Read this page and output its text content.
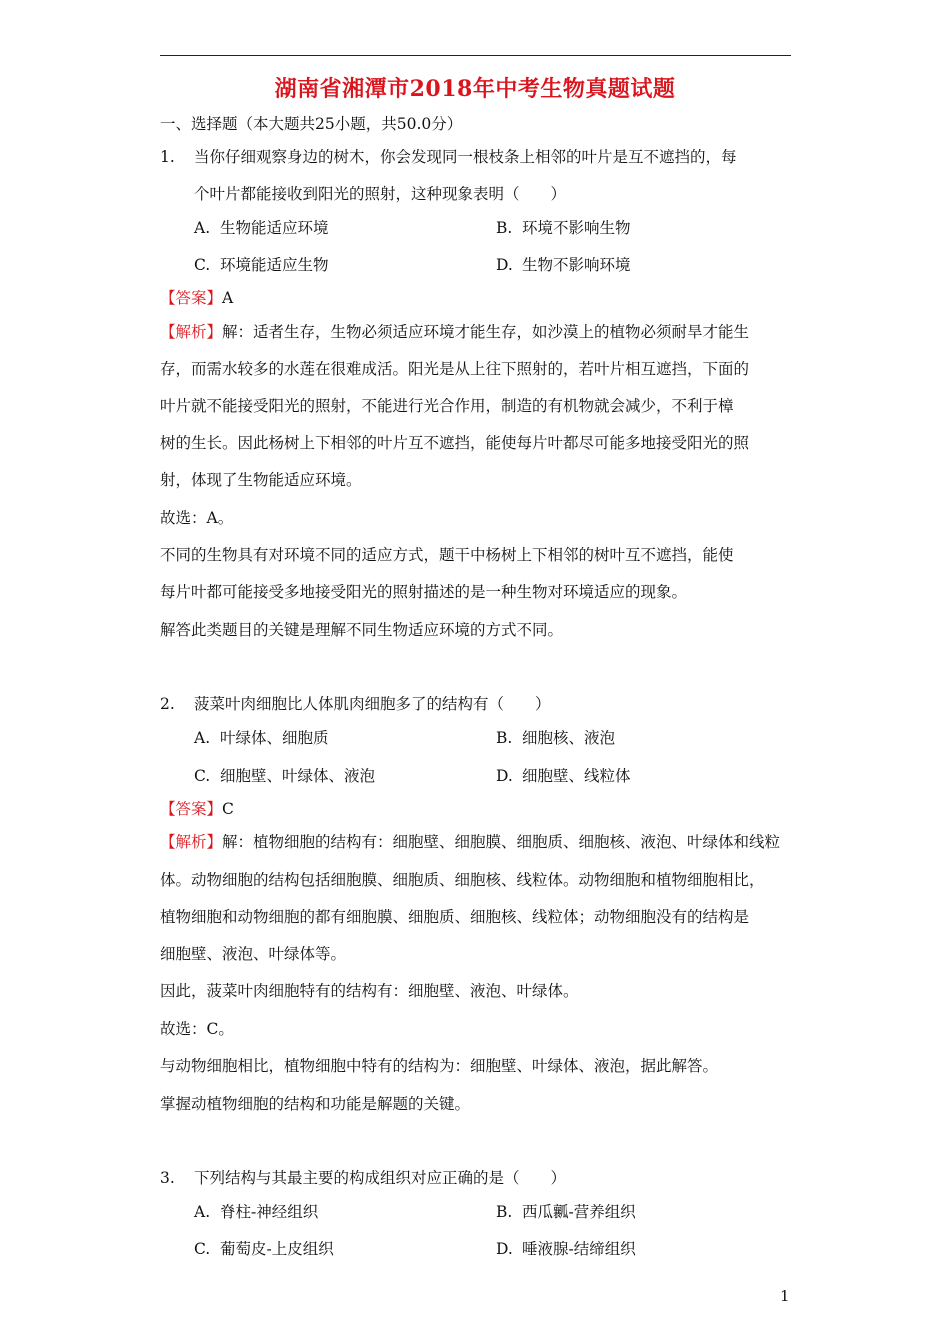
湖南省湘潭市2018年中考生物真题试题
一、选择题（本大题共25小题，共50.0分）
1. 当你仔细观察身边的树木，你会发现同一根枝条上相邻的叶片是互不遮挡的，每
个叶片都能接收到阳光的照射，这种现象表明（　　）
A. 生物能适应环境	B. 环境不影响生物
C. 环境能适应生物	D. 生物不影响环境
【答案】A
【解析】解：适者生存，生物必须适应环境才能生存，如沙漠上的植物必须耐旱才能生
存，而需水较多的水莲在很难成活。阳光是从上往下照射的，若叶片相互遮挡，下面的
叶片就不能接受阳光的照射，不能进行光合作用，制造的有机物就会减少，不利于樟
树的生长。因此杨树上下相邻的叶片互不遮挡，能使每片叶都尽可能多地接受阳光的照
射，体现了生物能适应环境。
故选：A。
不同的生物具有对环境不同的适应方式，题干中杨树上下相邻的树叶互不遮挡，能使
每片叶都可能接受多地接受阳光的照射描述的是一种生物对环境适应的现象。
解答此类题目的关键是理解不同生物适应环境的方式不同。
2. 菠菜叶肉细胞比人体肌肉细胞多了的结构有（　　）
A. 叶绿体、细胞质	B. 细胞核、液泡
C. 细胞壁、叶绿体、液泡	D. 细胞壁、线粒体
【答案】C
【解析】解：植物细胞的结构有：细胞壁、细胞膜、细胞质、细胞核、液泡、叶绿体和线粒
体。动物细胞的结构包括细胞膜、细胞质、细胞核、线粒体。动物细胞和植物细胞相比，
植物细胞和动物细胞的都有细胞膜、细胞质、细胞核、线粒体；动物细胞没有的结构是
细胞壁、液泡、叶绿体等。
因此，菠菜叶肉细胞特有的结构有：细胞壁、液泡、叶绿体。
故选：C。
与动物细胞相比，植物细胞中特有的结构为：细胞壁、叶绿体、液泡，据此解答。
掌握动植物细胞的结构和功能是解题的关键。
3. 下列结构与其最主要的构成组织对应正确的是（　　）
A. 脊柱-神经组织	B. 西瓜瓤-营养组织
C. 葡萄皮-上皮组织	D. 唾液腺-结缔组织
1
